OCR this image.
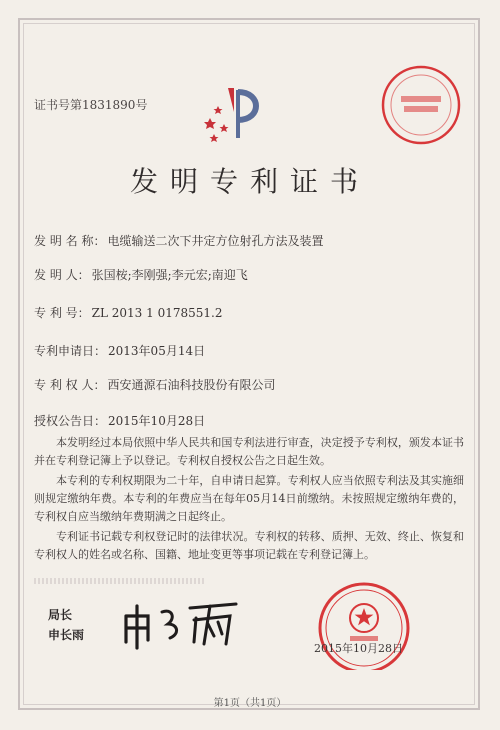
证书号第1831890号
发明专利证书
发 明 名 称： 电缆输送二次下井定方位射孔方法及装置
发 明 人： 张国桉;李刚强;李元宏;南迎飞
专 利 号： ZL 2013 1 0178551.2
专利申请日： 2013年05月14日
专 利 权 人： 西安通源石油科技股份有限公司
授权公告日： 2015年10月28日
本发明经过本局依照中华人民共和国专利法进行审查，决定授予专利权，颁发本证书并在专利登记簿上予以登记。专利权自授权公告之日起生效。
本专利的专利权期限为二十年，自申请日起算。专利权人应当依照专利法及其实施细则规定缴纳年费。本专利的年费应当在每年05月14日前缴纳。未按照规定缴纳年费的，专利权自应当缴纳年费期满之日起终止。
专利证书记载专利权登记时的法律状况。专利权的转移、质押、无效、终止、恢复和专利权人的姓名或名称、国籍、地址变更等事项记载在专利登记簿上。
局长
申长雨
2015年10月28日
第1页（共1页）
